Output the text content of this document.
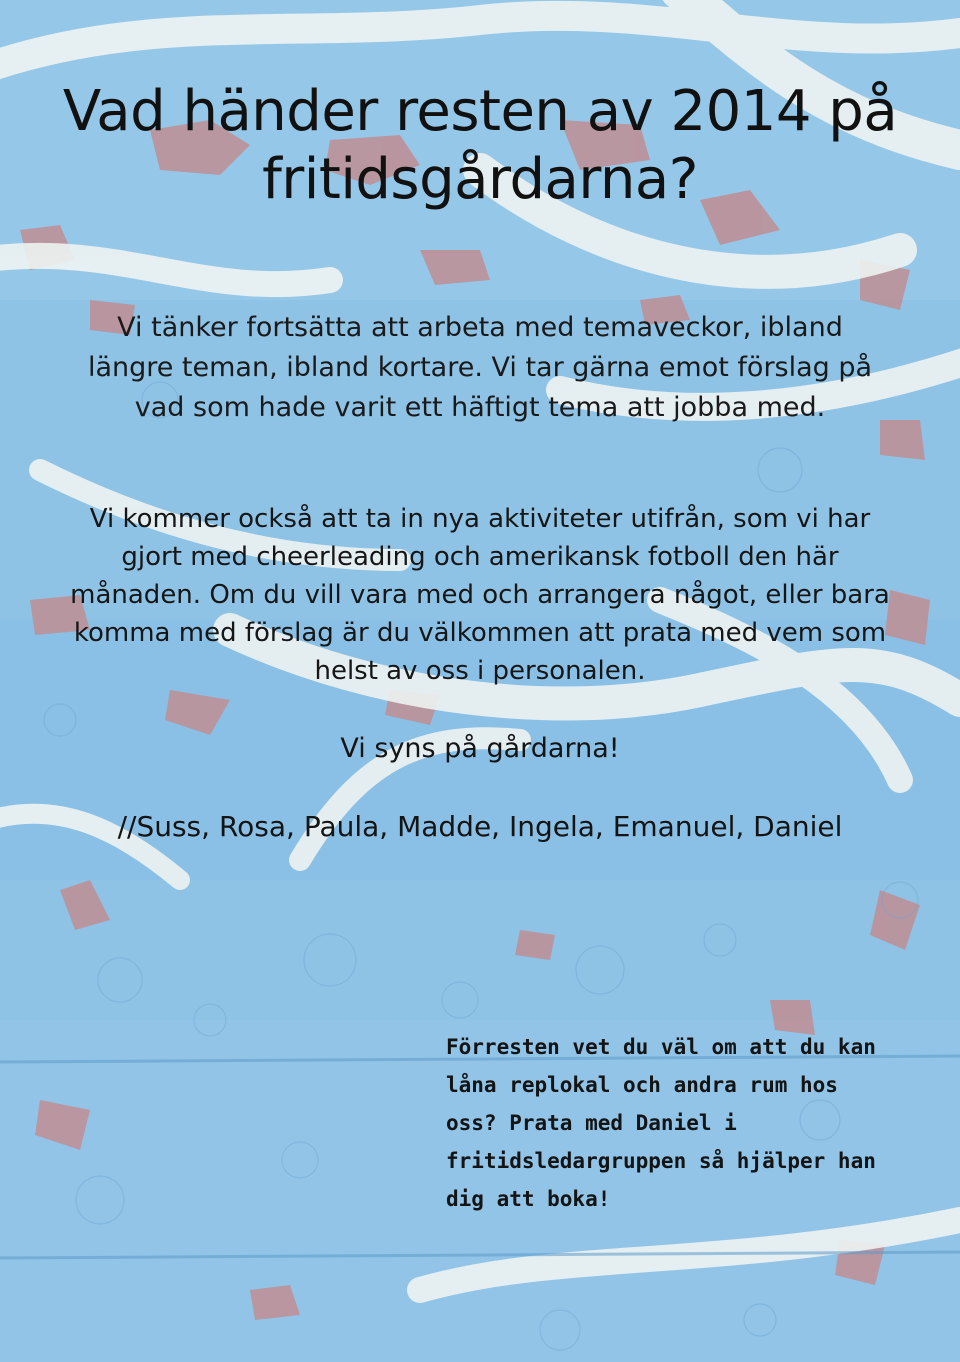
Vad händer resten av 2014 på fritidsgårdarna?

Vi tänker fortsätta att arbeta med temaveckor, ibland längre teman, ibland kortare. Vi tar gärna emot förslag på vad som hade varit ett häftigt tema att jobba med.

Vi kommer också att ta in nya aktiviteter utifrån, som vi har gjort med cheerleading och amerikansk fotboll den här månaden. Om du vill vara med och arrangera något, eller bara komma med förslag är du välkommen att prata med vem som helst av oss i personalen.

Vi syns på gårdarna!

//Suss, Rosa, Paula, Madde, Ingela, Emanuel, Daniel

Förresten vet du väl om att du kan låna replokal och andra rum hos oss? Prata med Daniel i fritidsledargruppen så hjälper han dig att boka!
